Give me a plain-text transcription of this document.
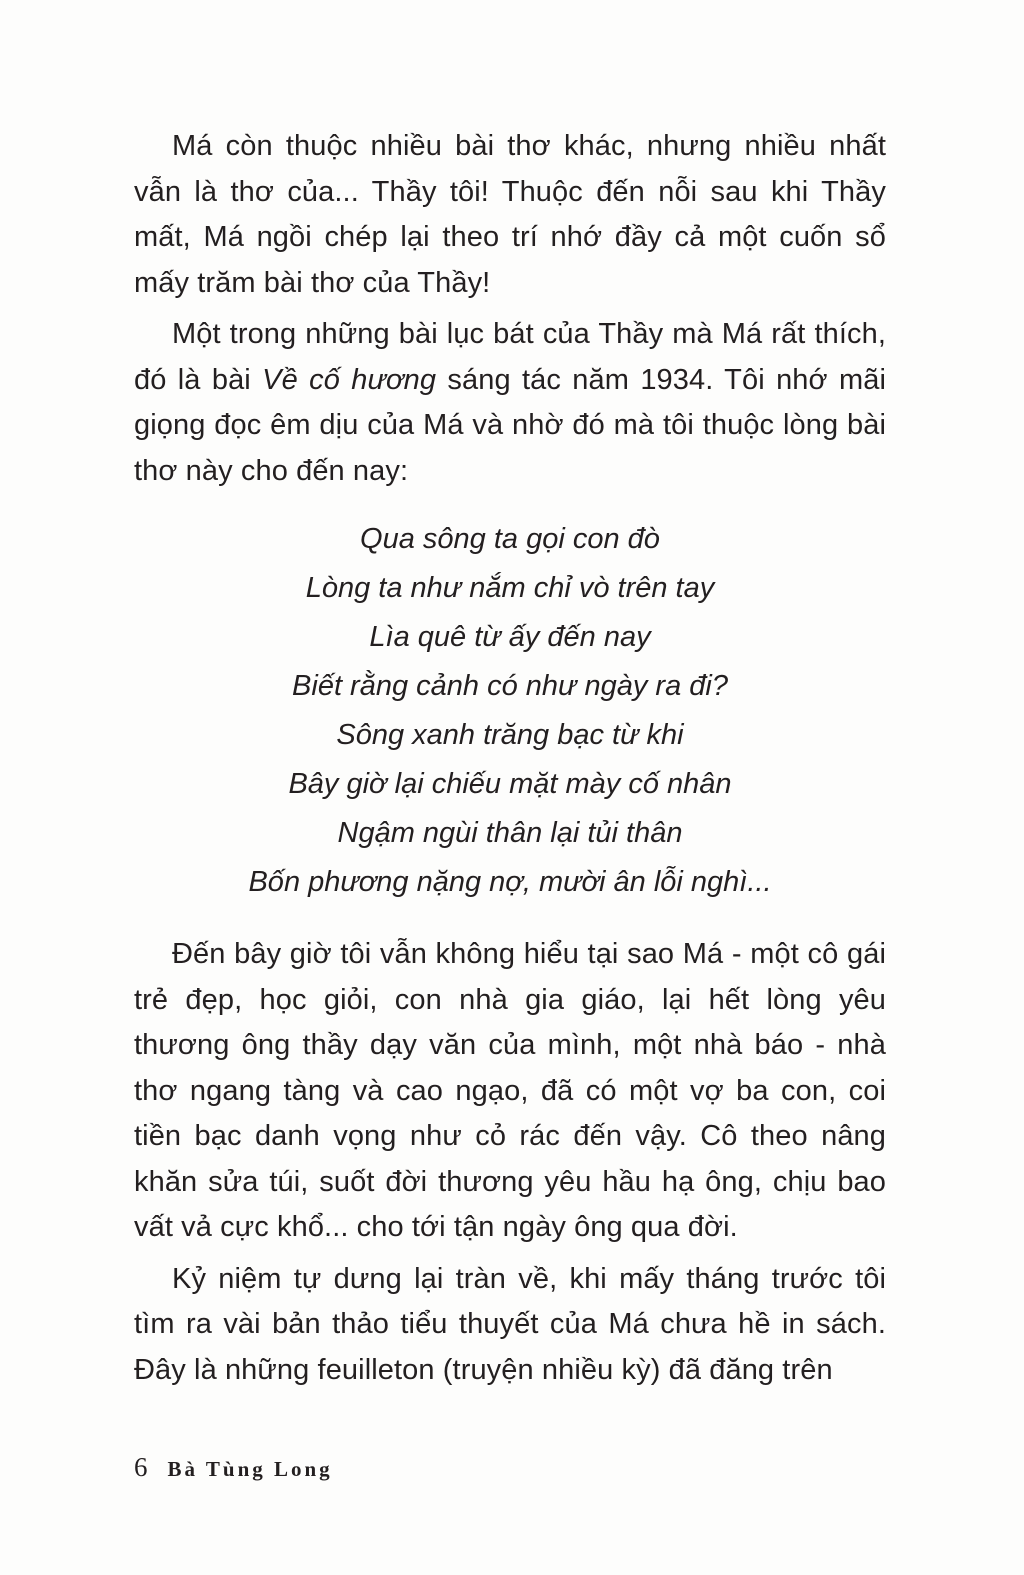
Má còn thuộc nhiều bài thơ khác, nhưng nhiều nhất vẫn là thơ của... Thầy tôi! Thuộc đến nỗi sau khi Thầy mất, Má ngồi chép lại theo trí nhớ đầy cả một cuốn sổ mấy trăm bài thơ của Thầy!

Một trong những bài lục bát của Thầy mà Má rất thích, đó là bài Về cố hương sáng tác năm 1934. Tôi nhớ mãi giọng đọc êm dịu của Má và nhờ đó mà tôi thuộc lòng bài thơ này cho đến nay:

Qua sông ta gọi con đò
Lòng ta như nắm chỉ vò trên tay
Lìa quê từ ấy đến nay
Biết rằng cảnh có như ngày ra đi?
Sông xanh trăng bạc từ khi
Bây giờ lại chiếu mặt mày cố nhân
Ngậm ngùi thân lại tủi thân
Bốn phương nặng nợ, mười ân lỗi nghì...

Đến bây giờ tôi vẫn không hiểu tại sao Má - một cô gái trẻ đẹp, học giỏi, con nhà gia giáo, lại hết lòng yêu thương ông thầy dạy văn của mình, một nhà báo - nhà thơ ngang tàng và cao ngạo, đã có một vợ ba con, coi tiền bạc danh vọng như cỏ rác đến vậy. Cô theo nâng khăn sửa túi, suốt đời thương yêu hầu hạ ông, chịu bao vất vả cực khổ... cho tới tận ngày ông qua đời.

Kỷ niệm tự dưng lại tràn về, khi mấy tháng trước tôi tìm ra vài bản thảo tiểu thuyết của Má chưa hề in sách. Đây là những feuilleton (truyện nhiều kỳ) đã đăng trên

6 Bà Tùng Long
